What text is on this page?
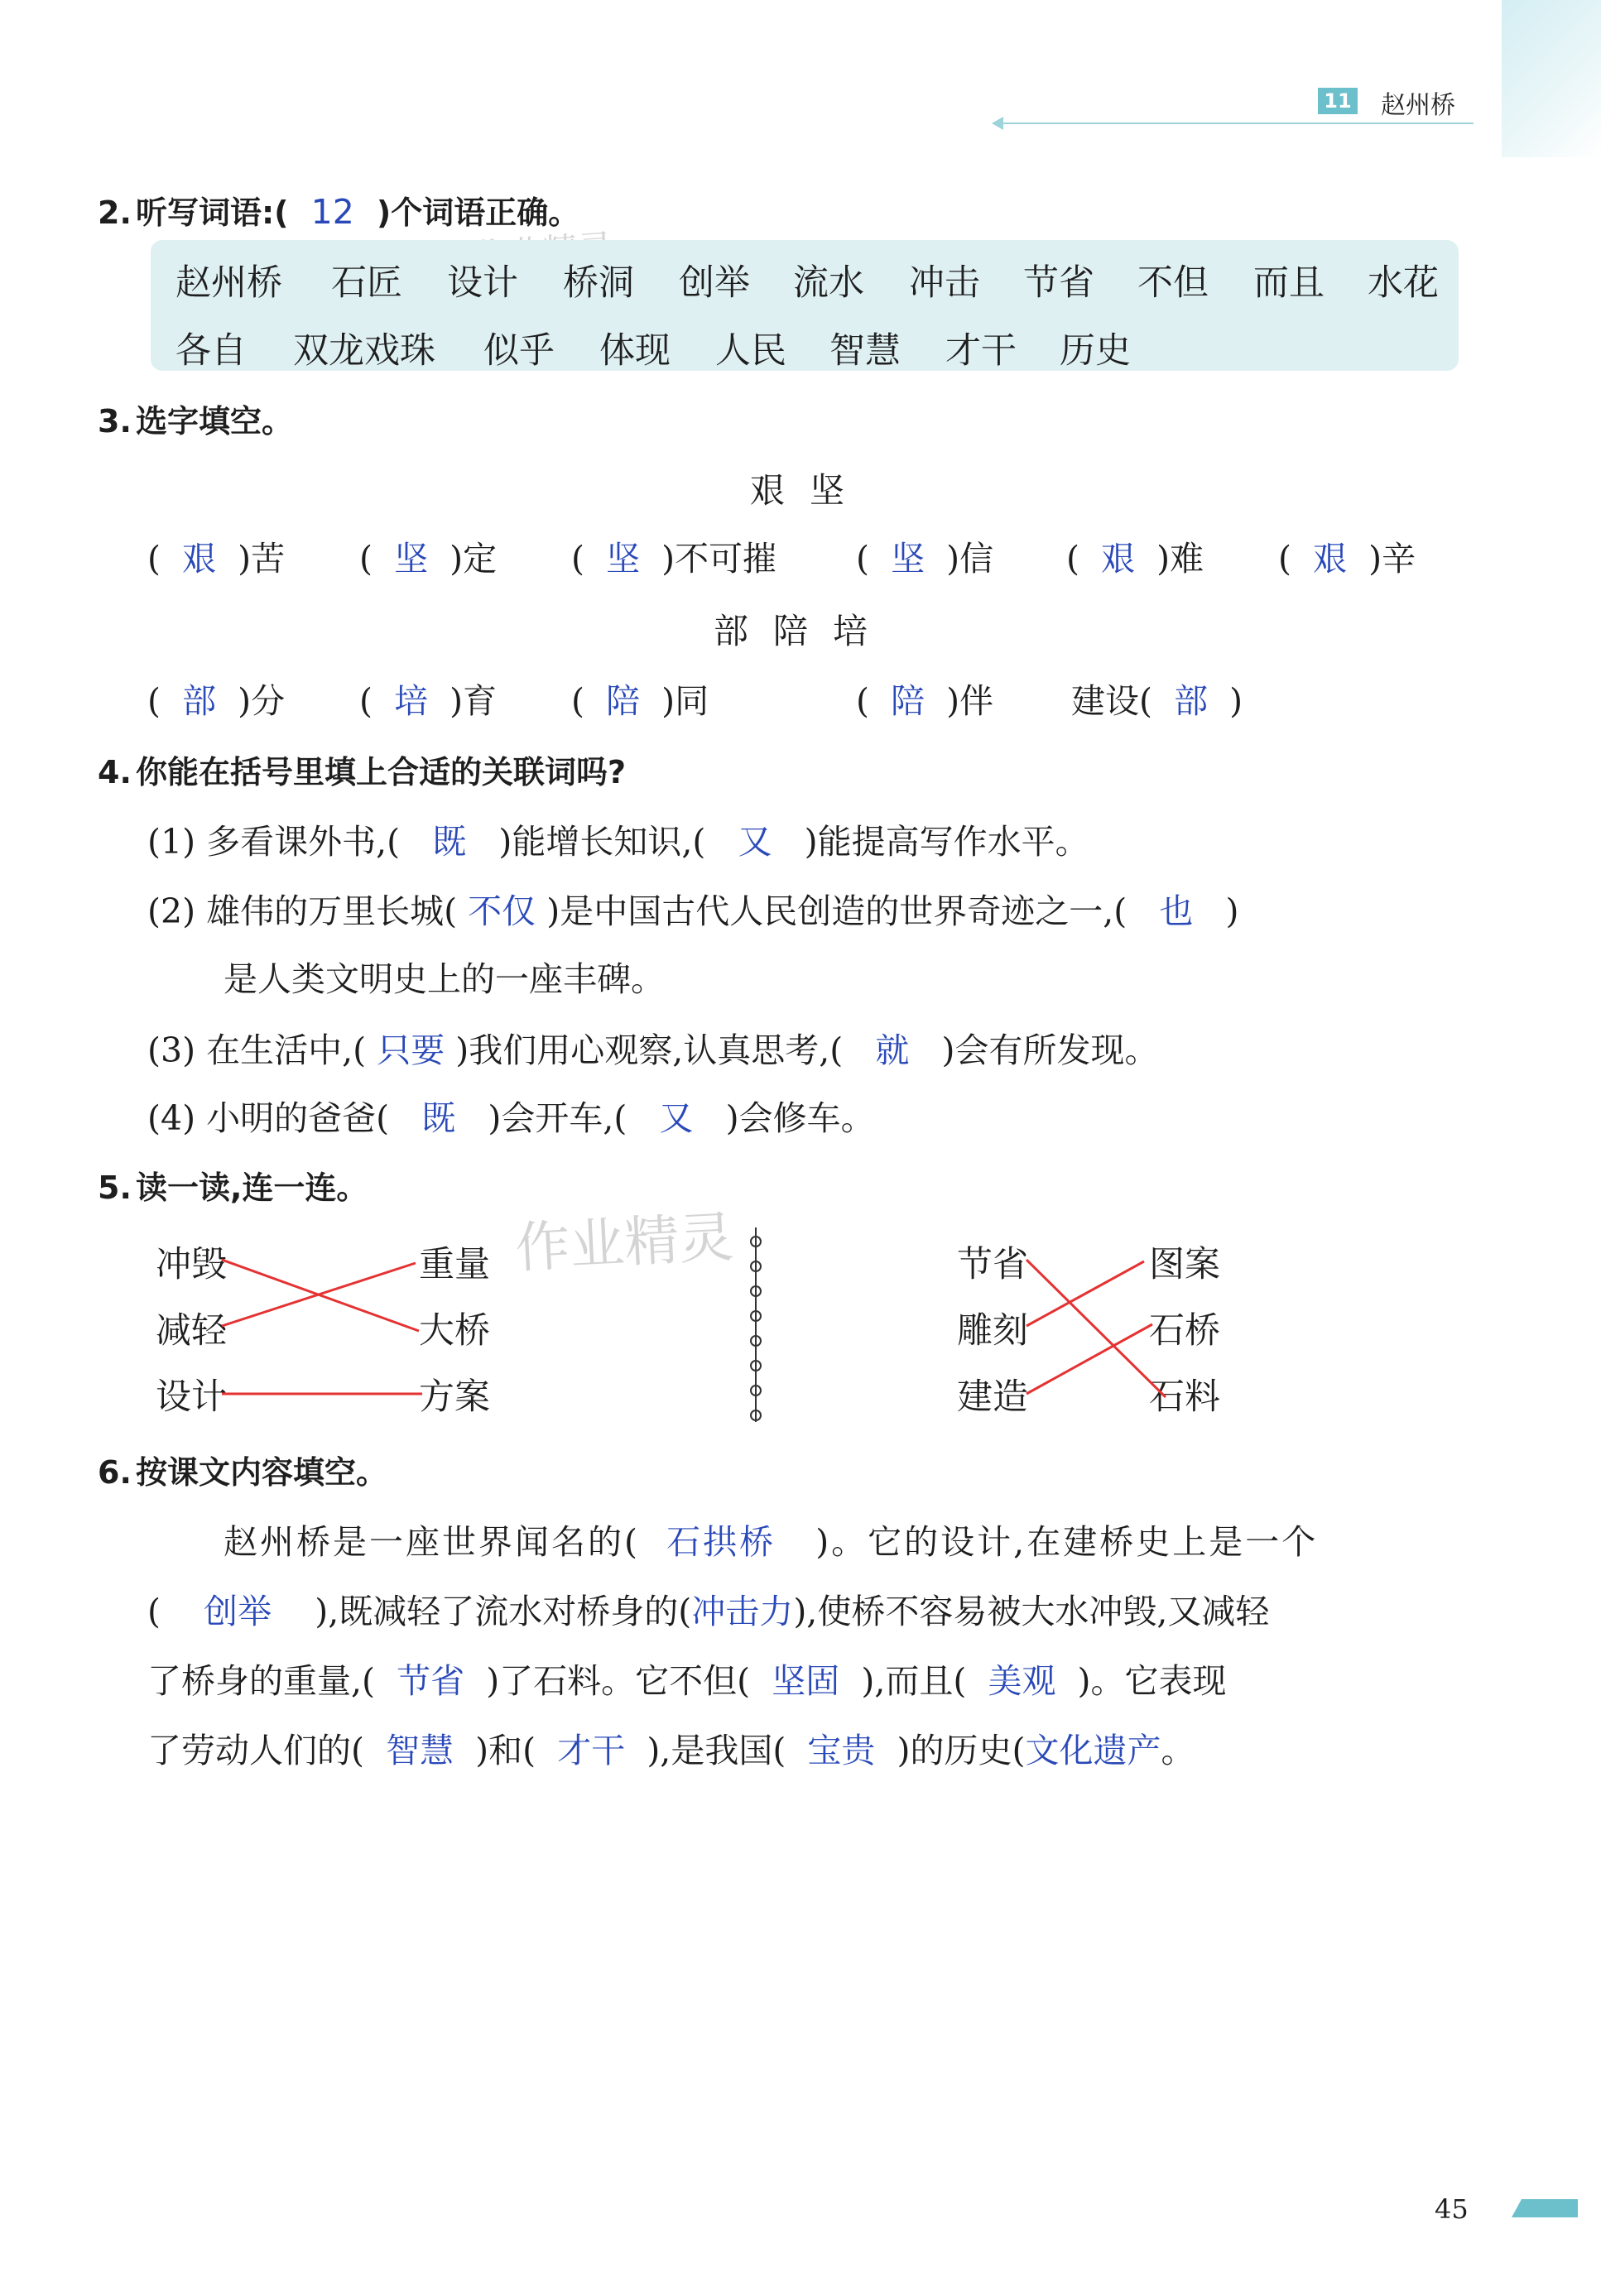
11 赵州桥
作业精灵
2. 听写词语:( 12 )个词语正确。
赵州桥 石匠 设计 桥洞 创举 流水 冲击 节省 不但 而且 水花
各自 双龙戏珠 似乎 体现 人民 智慧 才干 历史
3. 选字填空。
艰坚
(  艰 )苦 (  坚 )定 (  坚 )不可摧 (  坚 )信 (  艰 )难 (  艰 )辛
部陪培
(  部 )分 (  培 )育 (  陪 )同	(  陪 )伴 建设( 部 )
4. 你能在括号里填上合适的关联词吗?
(1) 多看课外书,( 既 )能增长知识,( 又 )能提高写作水平。
(2) 雄伟的万里长城( 不仅 )是中国古代人民创造的世界奇迹之一,( 也 )
是人类文明史上的一座丰碑。
(3) 在生活中,( 只要 )我们用心观察,认真思考,( 就 )会有所发现。
(4) 小明的爸爸( 既 )会开车,( 又 )会修车。
5. 读一读,连一连。
冲毁
减轻
设计
重量
大桥
方案
节省
雕刻
建造
图案
石桥
石料
6. 按课文内容填空。
赵州桥是一座世界闻名的( 石拱桥 )。它的设计,在建桥史上是一个
( 创举 ),既减轻了流水对桥身的(冲击力),使桥不容易被大水冲毁,又减轻
了桥身的重量,( 节省 )了石料。它不但( 坚固 ),而且( 美观 )。它表现
了劳动人们的( 智慧 )和( 才干 ),是我国( 宝贵 )的历史(文化遗产。
45
